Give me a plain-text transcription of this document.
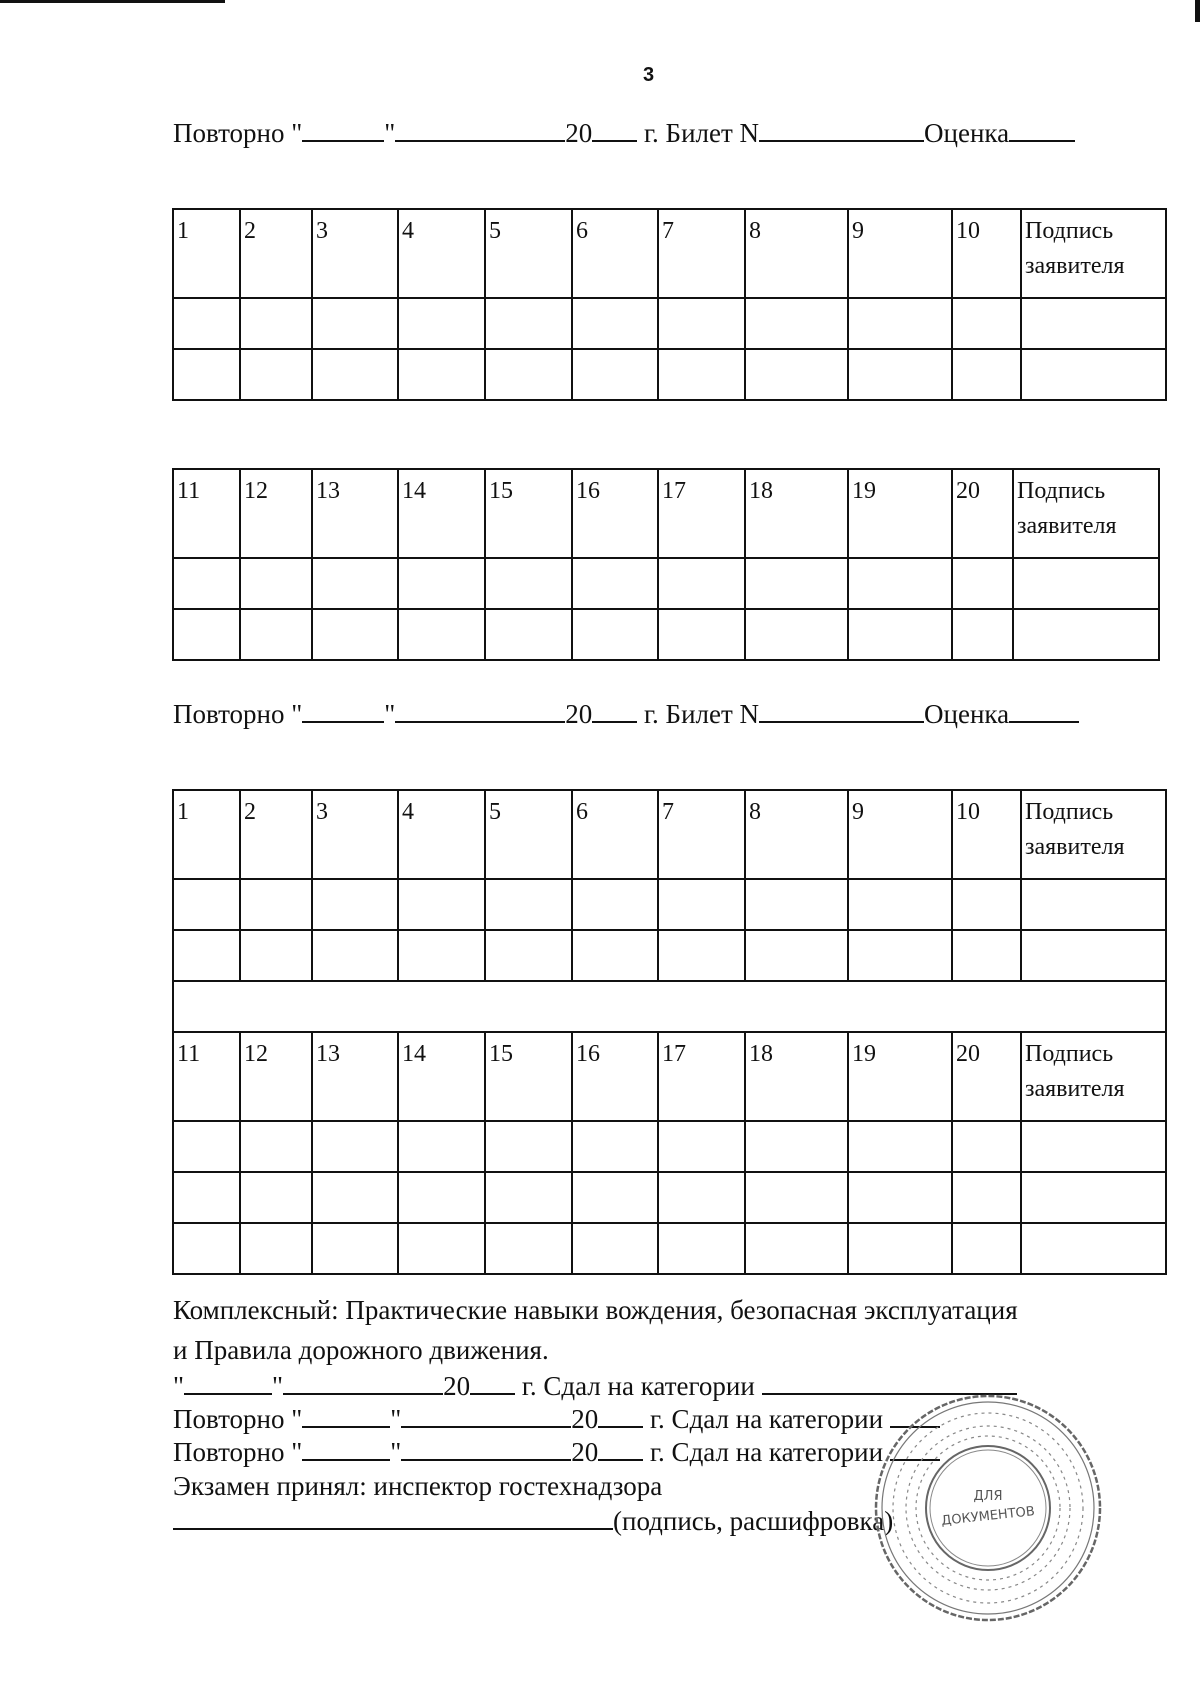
3
Повторно "	"	20 г. Билет N	Оценка
1	2	3	4	5	6	7	8	9	10	Подпись заявителя

11	12	13	14	15	16	17	18	19	20	Подпись заявителя

Повторно "	"	20 г. Билет N	Оценка
1	2	3	4	5	6	7	8	9	10	Подпись заявителя

11	12	13	14	15	16	17	18	19	20	Подпись заявителя

Комплексный: Практические навыки вождения, безопасная эксплуатация
и Правила дорожного движения.
"	"	20 г. Сдал на категории
Повторно "	"	20 г. Сдал на категории
Повторно "	"	20 г. Сдал на категории
Экзамен принял: инспектор гостехнадзора
(подпись, расшифровка)
ДЛЯ
ДОКУМЕНТОВ
